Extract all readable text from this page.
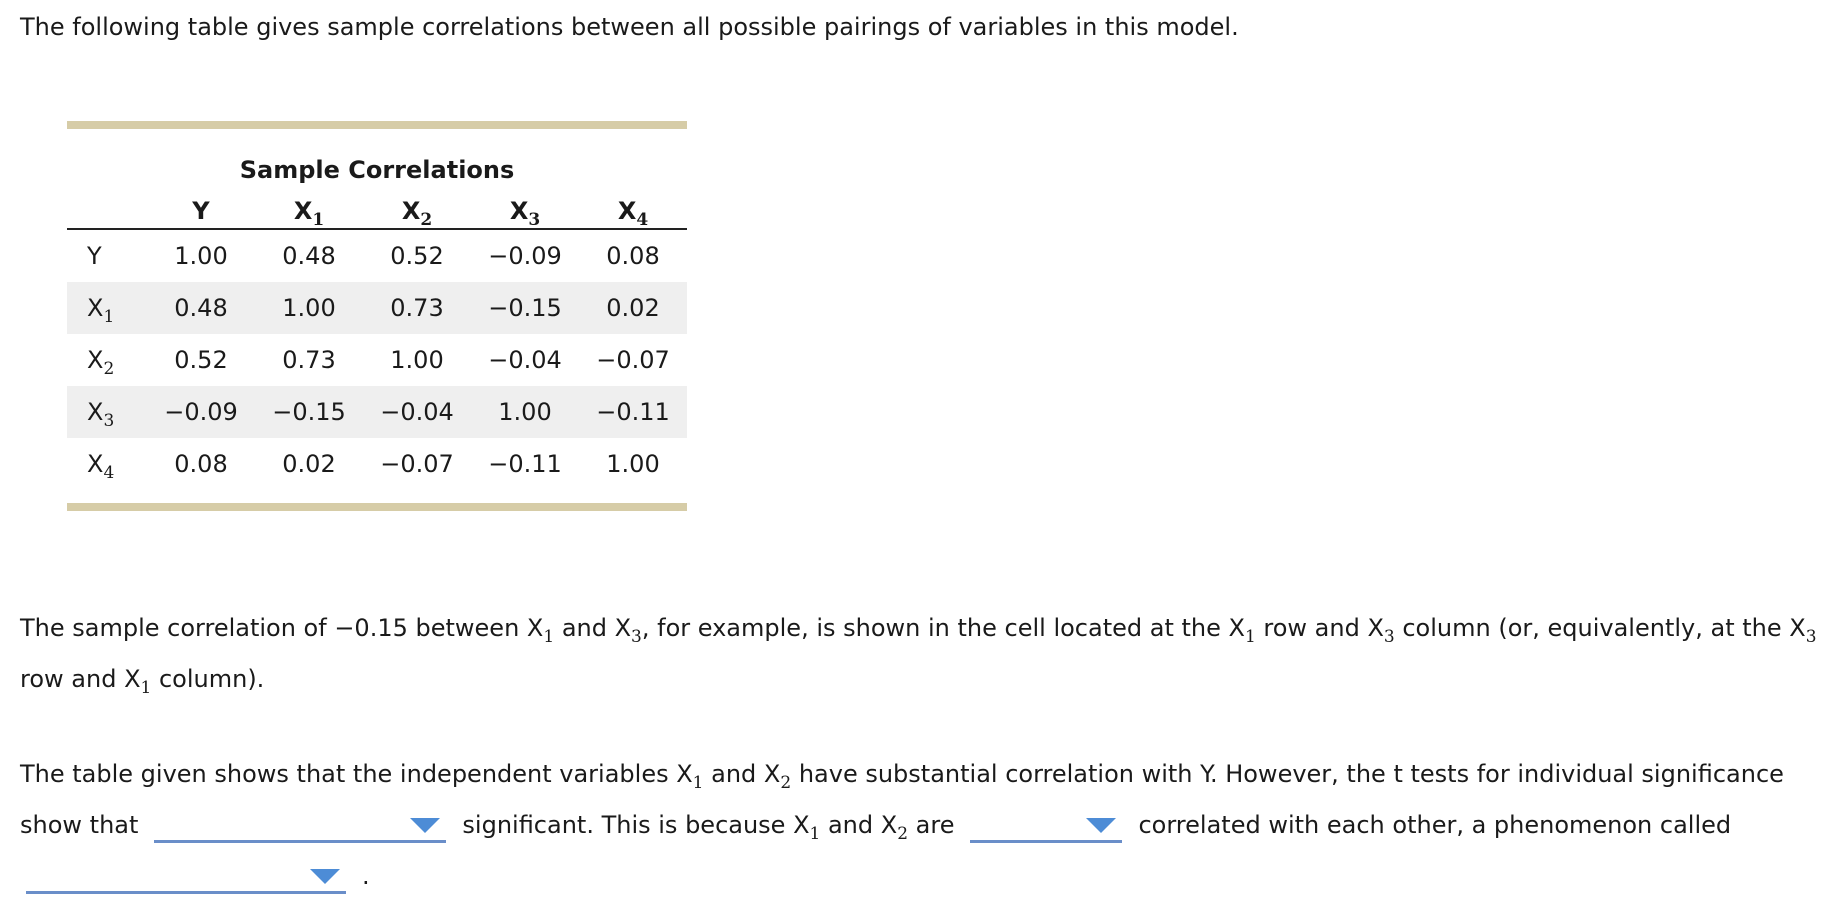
The following table gives sample correlations between all possible pairings of variables in this model.
Sample Correlations
	Y	$X_1$	$X_2$	$X_3$	$X_4$
Y	1.00	0.48	0.52	−0.09	0.08
$X_1$	0.48	1.00	0.73	−0.15	0.02
$X_2$	0.52	0.73	1.00	−0.04	−0.07
$X_3$	−0.09	−0.15	−0.04	1.00	−0.11
$X_4$	0.08	0.02	−0.07	−0.11	1.00
The sample correlation of −0.15 between $X_1$ and $X_3$, for example, is shown in the cell located at the $X_1$ row and $X_3$ column (or, equivalently, at the $X_3$ row and $X_1$ column).
The table given shows that the independent variables $X_1$ and $X_2$ have substantial correlation with Y. However, the t tests for individual significance show that	significant. This is because $X_1$ and $X_2$ are	correlated with each other, a phenomenon called

.
